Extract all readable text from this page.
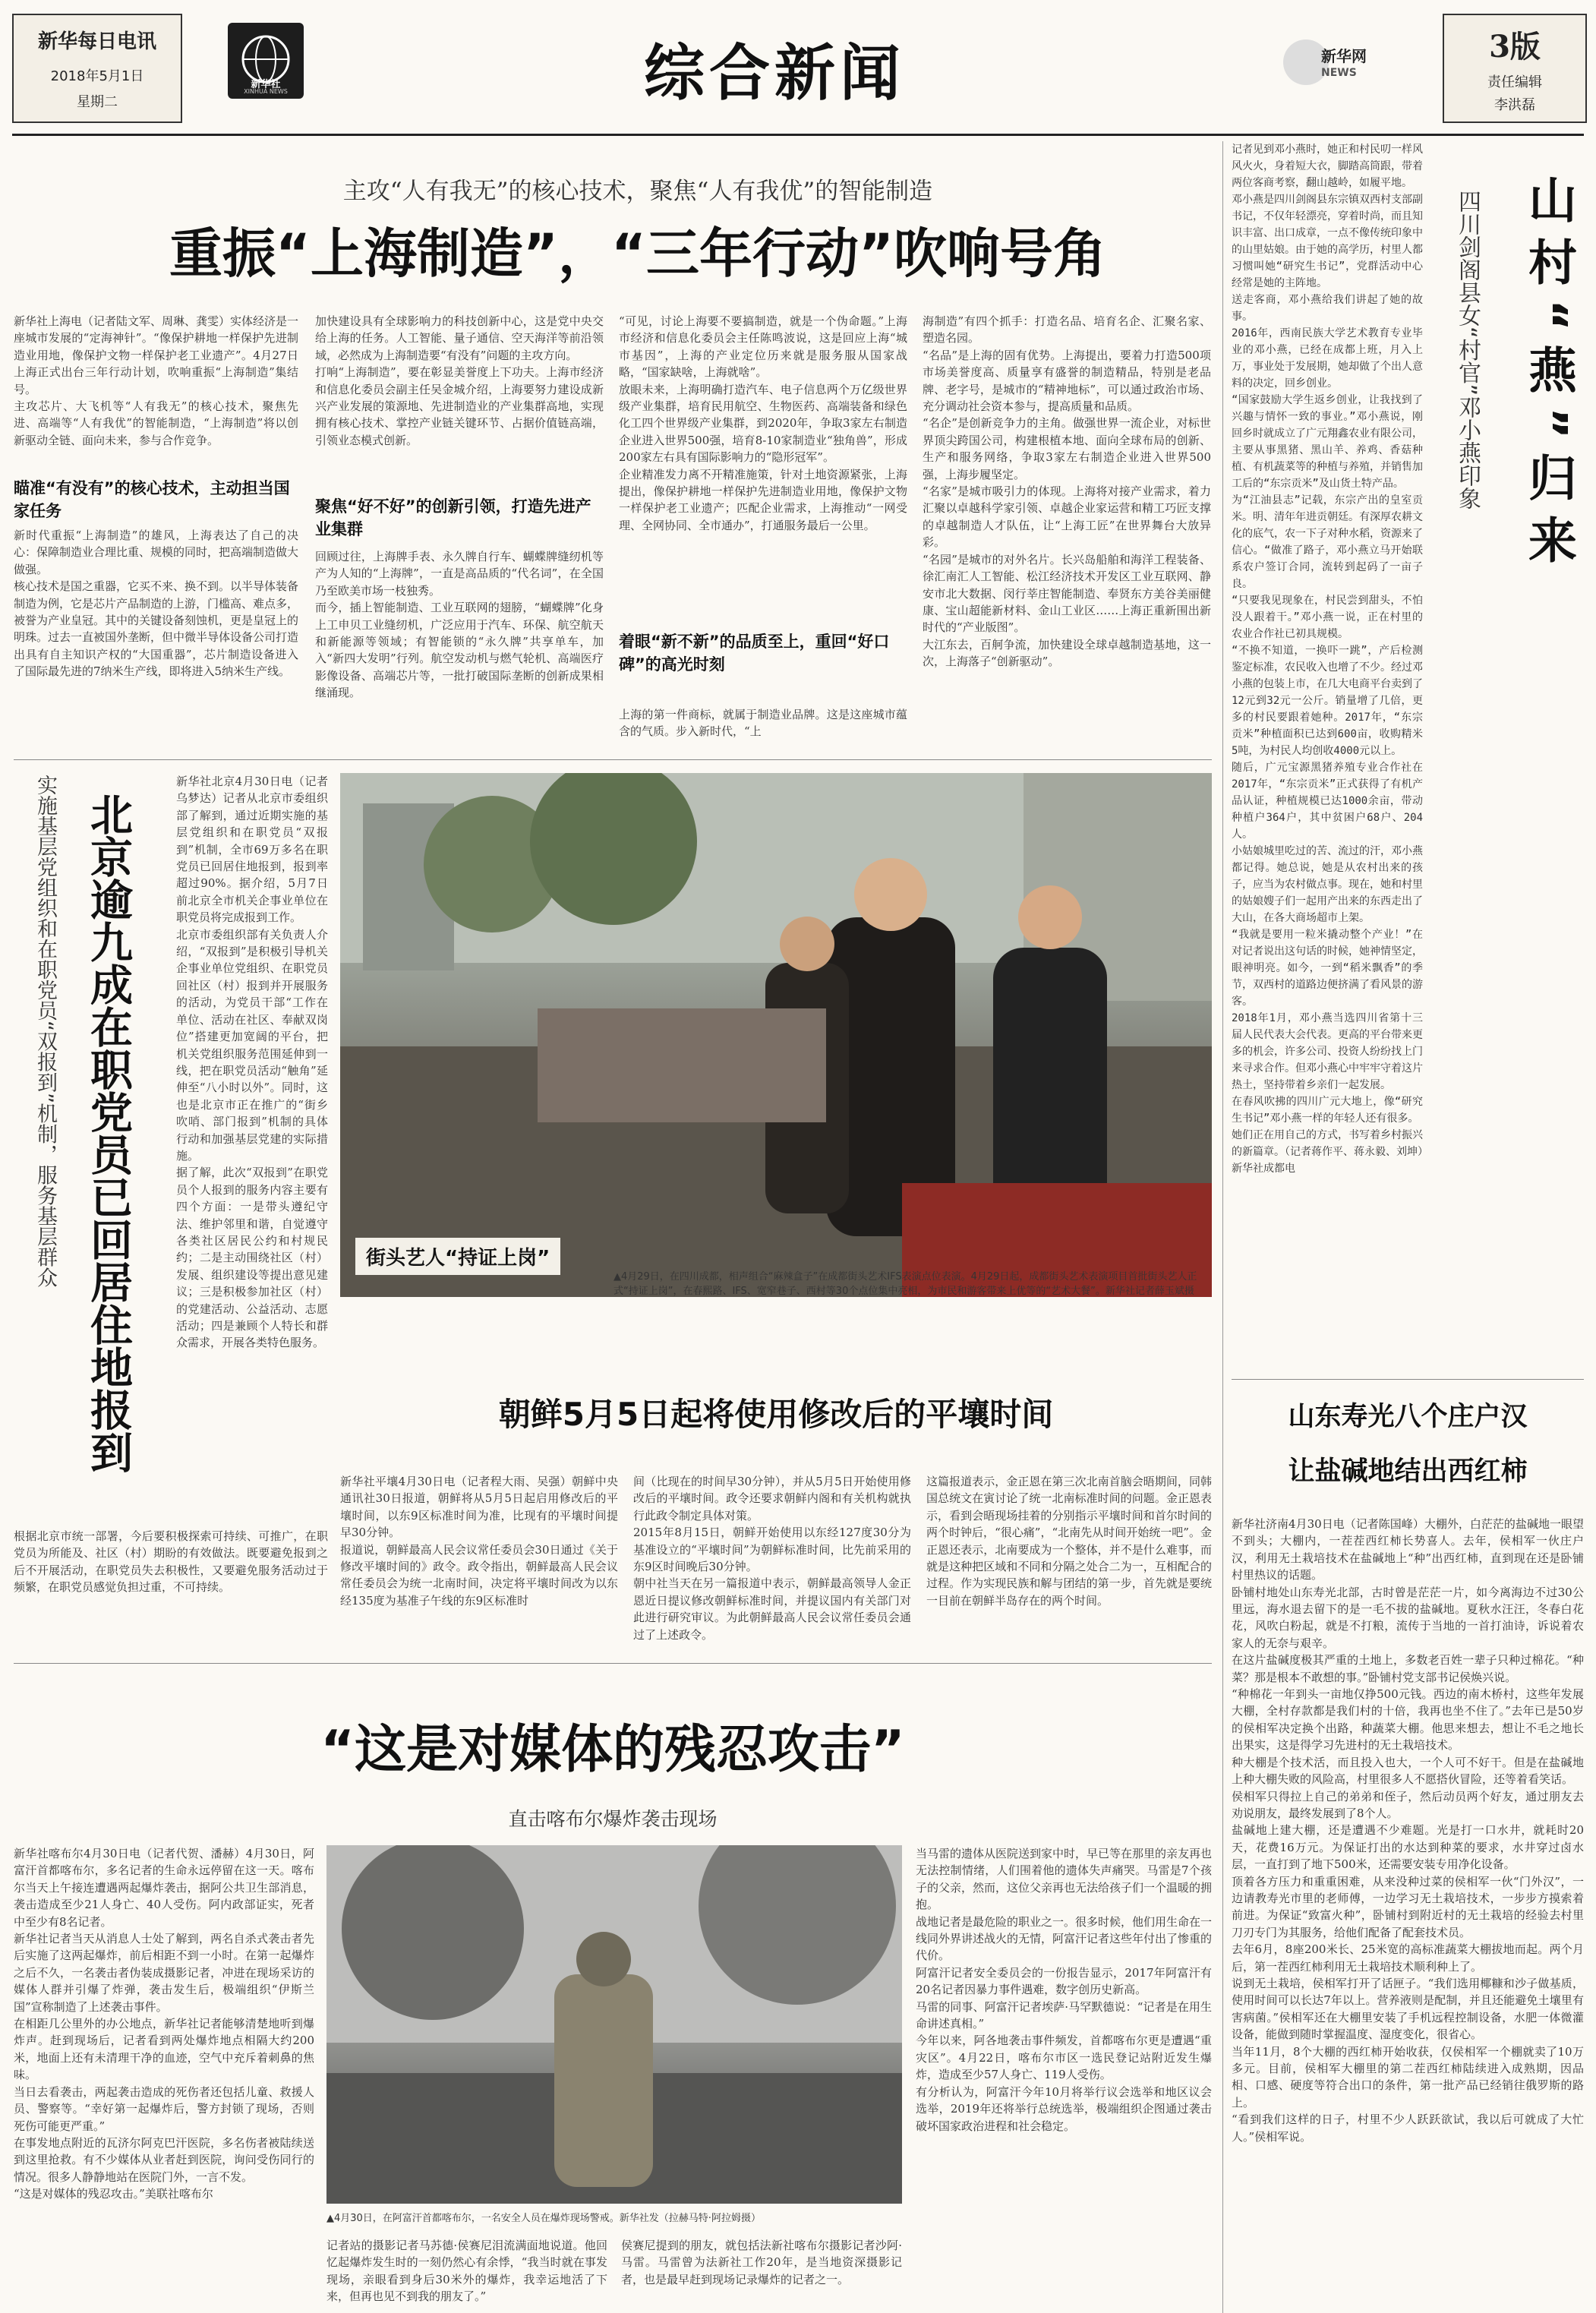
新华每日电讯
2018年5月1日
星期二
新华社
XINHUA NEWS	综合新闻	新华网
NEWS
3版
责任编辑
李洪磊
主攻“人有我无”的核心技术，聚焦“人有我优”的智能制造
重振“上海制造”，“三年行动”吹响号角
新华社上海电（记者陆文军、周琳、龚雯）实体经济是一座城市发展的“定海神针”。“像保护耕地一样保护先进制造业用地，像保护文物一样保护老工业遗产”。4月27日上海正式出台三年行动计划，吹响重振“上海制造”集结号。
主攻芯片、大飞机等“人有我无”的核心技术，聚焦先进、高端等“人有我优”的智能制造，“上海制造”将以创新驱动全链、面向未来，参与合作竞争。
瞄准“有没有”的核心技术，主动担当国家任务
新时代重振“上海制造”的雄风，上海表达了自己的决心：保障制造业合理比重、规模的同时，把高端制造做大做强。
核心技术是国之重器，它买不来、换不到。以半导体装备制造为例，它是芯片产品制造的上游，门槛高、难点多，被誉为产业皇冠。其中的关键设备刻蚀机，更是皇冠上的明珠。过去一直被国外垄断，但中微半导体设备公司打造出具有自主知识产权的“大国重器”，芯片制造设备进入了国际最先进的7纳米生产线，即将进入5纳米生产线。
加快建设具有全球影响力的科技创新中心，这是党中央交给上海的任务。人工智能、量子通信、空天海洋等前沿领域，必然成为上海制造要“有没有”问题的主攻方向。
打响“上海制造”，要在彰显美誉度上下功夫。上海市经济和信息化委员会副主任吴金城介绍，上海要努力建设成新兴产业发展的策源地、先进制造业的产业集群高地，实现拥有核心技术、掌控产业链关键环节、占据价值链高端，引领业态模式创新。
聚焦“好不好”的创新引领，打造先进产业集群
回顾过往，上海牌手表、永久牌自行车、蝴蝶牌缝纫机等产为人知的“上海牌”，一直是高品质的“代名词”，在全国乃至欧美市场一枝独秀。
而今，插上智能制造、工业互联网的翅膀，“蝴蝶牌”化身上工申贝工业缝纫机，广泛应用于汽车、环保、航空航天和新能源等领域；有智能锁的“永久牌”共享单车，加入“新四大发明”行列。航空发动机与燃气轮机、高端医疗影像设备、高端芯片等，一批打破国际垄断的创新成果相继涌现。
“可见，讨论上海要不要搞制造，就是一个伪命题。”上海市经济和信息化委员会主任陈鸣波说，这是回应上海“城市基因”，上海的产业定位历来就是服务服从国家战略，“国家缺啥，上海就啥”。
放眼未来，上海明确打造汽车、电子信息两个万亿级世界级产业集群，培育民用航空、生物医药、高端装备和绿色化工四个世界级产业集群，到2020年，争取3家左右制造企业进入世界500强，培育8-10家制造业“独角兽”，形成200家左右具有国际影响力的“隐形冠军”。
企业精准发力离不开精准施策，针对土地资源紧张，上海提出，像保护耕地一样保护先进制造业用地，像保护文物一样保护老工业遗产；匹配企业需求，上海推动“一网受理、全网协同、全市通办”，打通服务最后一公里。
着眼“新不新”的品质至上，重回“好口碑”的高光时刻
上海的第一件商标，就属于制造业品牌。这是这座城市蕴含的气质。步入新时代，“上
海制造”有四个抓手：打造名品、培育名企、汇聚名家、塑造名园。
“名品”是上海的固有优势。上海提出，要着力打造500项市场美誉度高、质量享有盛誉的制造精品，特别是老品牌、老字号，是城市的“精神地标”，可以通过政治市场、充分调动社会资本参与，提高质量和品质。
“名企”是创新竞争力的主角。做强世界一流企业，对标世界顶尖跨国公司，构建根植本地、面向全球布局的创新、生产和服务网络，争取3家左右制造企业进入世界500强，上海步履坚定。
“名家”是城市吸引力的体现。上海将对接产业需求，着力汇聚以卓越科学家引领、卓越企业家运营和精工巧匠支撑的卓越制造人才队伍，让“上海工匠”在世界舞台大放异彩。
“名园”是城市的对外名片。长兴岛船舶和海洋工程装备、徐汇南汇人工智能、松江经济技术开发区工业互联网、静安市北大数据、闵行莘庄智能制造、奉贤东方美谷美丽健康、宝山超能新材料、金山工业区……上海正重新围出新时代的“产业版图”。
大江东去，百舸争流，加快建设全球卓越制造基地，这一次，上海落子“创新驱动”。
北京逾九成在职党员已回居住地报到
实施基层党组织和在职党员“双报到”机制，服务基层群众	新华社北京4月30日电（记者乌梦达）记者从北京市委组织部了解到，通过近期实施的基层党组织和在职党员“双报到”机制，全市69万多名在职党员已回居住地报到，报到率超过90%。据介绍，5月7日前北京全市机关企事业单位在职党员将完成报到工作。
北京市委组织部有关负责人介绍，“双报到”是积极引导机关企事业单位党组织、在职党员回社区（村）报到并开展服务的活动，为党员干部“工作在单位、活动在社区、奉献双岗位”搭建更加宽阔的平台，把机关党组织服务范围延伸到一线，把在职党员活动“触角”延伸至“八小时以外”。同时，这也是北京市正在推广的“街乡吹哨、部门报到”机制的具体行动和加强基层党建的实际措施。
据了解，此次“双报到”在职党员个人报到的服务内容主要有四个方面：一是带头遵纪守法、维护邻里和谐，自觉遵守各类社区居民公约和村规民约；二是主动围绕社区（村）发展、组织建设等提出意见建议；三是积极参加社区（村）的党建活动、公益活动、志愿活动；四是兼顾个人特长和群众需求，开展各类特色服务。
根据北京市统一部署，今后要积极探索可持续、可推广，在职党员为所能及、社区（村）期盼的有效做法。既要避免报到之后不开展活动，在职党员失去积极性，又要避免服务活动过于频繁，在职党员感觉负担过重，不可持续。
街头艺人“持证上岗”
▲4月29日，在四川成都，相声组合“麻辣盒子”在成都街头艺术IFS表演点位表演。4月29日起，成都街头艺术表演项目首批街头艺人正式“持证上岗”，在春熙路、IFS、宽窄巷子、西村等30个点位集中亮相，为市民和游客带来上优等的“艺术大餐”。新华社记者薛玉斌摄
朝鲜5月5日起将使用修改后的平壤时间
新华社平壤4月30日电（记者程大雨、吴强）朝鲜中央通讯社30日报道，朝鲜将从5月5日起启用修改后的平壤时间，以东9区标准时间为准，比现有的平壤时间提早30分钟。
报道说，朝鲜最高人民会议常任委员会30日通过《关于修改平壤时间的》政令。政令指出，朝鲜最高人民会议常任委员会为统一北南时间，决定将平壤时间改为以东经135度为基准子午线的东9区标准时
间（比现在的时间早30分钟），并从5月5日开始使用修改后的平壤时间。政令还要求朝鲜内阁和有关机构就执行此政令制定具体对策。
2015年8月15日，朝鲜开始使用以东经127度30分为基准设立的“平壤时间”为朝鲜标准时间，比先前采用的东9区时间晚后30分钟。
朝中社当天在另一篇报道中表示，朝鲜最高领导人金正恩近日提议修改朝鲜标准时间，并提议国内有关部门对此进行研究审议。为此朝鲜最高人民会议常任委员会通过了上述政令。
这篇报道表示，金正恩在第三次北南首脑会晤期间，同韩国总统文在寅讨论了统一北南标准时间的问题。金正恩表示，看到会晤现场挂着的分别指示平壤时间和首尔时间的两个时钟后，“很心痛”，“北南先从时间开始统一吧”。金正恩还表示，北南要成为一个整体，并不是什么难事，而就是这种把区域和不同和分隔之处合二为一，互相配合的过程。作为实现民族和解与团结的第一步，首先就是要统一目前在朝鲜半岛存在的两个时间。
记者见到邓小燕时，她正和村民叨一样风风火火，身着短大衣，脚踏高筒跟，带着两位客商考察，翻山越岭，如履平地。
邓小燕是四川剑阁县东宗镇双西村支部副书记，不仅年轻漂亮，穿着时尚，而且知识丰富、出口成章，一点不像传统印象中的山里姑娘。由于她的高学历，村里人都习惯叫她“研究生书记”，党群活动中心经常是她的主阵地。
送走客商，邓小燕给我们讲起了她的故事。
2016年，西南民族大学艺术教育专业毕业的邓小燕，已经在成都上班，月入上万，事业处于发展期，她却做了个出人意料的决定，回乡创业。
“国家鼓励大学生返乡创业，让我找到了兴趣与情怀一致的事业。”邓小燕说，刚回乡时就成立了广元翔鑫农业有限公司，主要从事黑猪、黑山羊、养鸡、香菇种植、有机蔬菜等的种植与养殖，并销售加工后的“东宗贡米”及山货土特产品。
为“江油县志”记载，东宗产出的皇室贡米。明、清年年进贡朝廷。有深厚农耕文化的底气，农一下子对种水稻，资源来了信心。“做准了路子，邓小燕立马开始联系农户签订合同，流转到起码了一亩子良。
“只要我见现象在，村民尝到甜头，不怕没人跟着干。”邓小燕一说，正在村里的农业合作社已初具规模。
“不换不知道，一换吓一跳”，产后检测鉴定标准，农民收入也增了不少。经过邓小燕的包装上市，在几大电商平台卖到了12元到32元一公斤。销量增了几倍，更多的村民要跟着她种。2017年，“东宗贡米”种植面积已达到600亩，收购精米5吨，为村民人均创收4000元以上。
随后，广元宝源黑猪养殖专业合作社在2017年，“东宗贡米”正式获得了有机产品认证，种植规模已达1000余亩，带动种植户364户，其中贫困户68户、204人。
小姑娘城里吃过的苦、流过的汗，邓小燕都记得。她总说，她是从农村出来的孩子，应当为农村做点事。现在，她和村里的姑娘嫂子们一起用产出来的东西走出了大山，在各大商场超市上架。
“我就是要用一粒米撬动整个产业！”在对记者说出这句话的时候，她神情坚定，眼神明亮。如今，一到“稻米飘香”的季节，双西村的道路边便挤满了看风景的游客。
2018年1月，邓小燕当选四川省第十三届人民代表大会代表。更高的平台带来更多的机会，许多公司、投资人纷纷找上门来寻求合作。但邓小燕心中牢牢守着这片热土，坚持带着乡亲们一起发展。
在春风吹拂的四川广元大地上，像“研究生书记”邓小燕一样的年轻人还有很多。
她们正在用自己的方式，书写着乡村振兴的新篇章。（记者蒋作平、蒋永毅、刘坤）新华社成都电
山村“燕”归来
四川剑阁县女“村官”邓小燕印象
山东寿光八个庄户汉
让盐碱地结出西红柿
新华社济南4月30日电（记者陈国峰）大棚外，白茫茫的盐碱地一眼望不到头；大棚内，一茬茬西红柿长势喜人。去年，侯相军一伙庄户汉，利用无土栽培技术在盐碱地上“种”出西红柿，直到现在还是卧铺村里热议的话题。
卧铺村地处山东寿光北部，古时曾是茫茫一片，如今离海边不过30公里远，海水退去留下的是一毛不拔的盐碱地。夏秋水汪汪，冬春白花花，风吹白粉起，就是不打粮，流传于当地的一首打油诗，诉说着农家人的无奈与艰辛。
在这片盐碱度极其严重的土地上，多数老百姓一辈子只种过棉花。“种菜？那是根本不敢想的事。”卧铺村党支部书记侯焕兴说。
“种棉花一年到头一亩地仅挣500元钱。西边的南木桥村，这些年发展大棚，全村存款都是我们村的十倍，我再也坐不住了。”去年已是50岁的侯相军决定换个出路，种蔬菜大棚。他思来想去，想让不毛之地长出果实，这是得学习先进村的无土栽培技术。
种大棚是个技术活，而且投入也大，一个人可不好干。但是在盐碱地上种大棚失败的风险高，村里很多人不愿搭伙冒险，还等着看笑话。
侯相军只得拉上自己的弟弟和侄子，然后动员两个好友，通过朋友去劝说朋友，最终发展到了8个人。
盐碱地上建大棚，还是遭遇不少难题。光是打一口水井，就耗时20天，花费16万元。为保证打出的水达到种菜的要求，水井穿过卤水层，一直打到了地下500米，还需要安装专用净化设备。
顶着各方压力和重重困难，从来没种过菜的侯相军一伙“门外汉”，一边请教寿光市里的老师傅，一边学习无土栽培技术，一步步方摸索着前进。为保证“致富火种”，卧铺村到附近村的无土栽培的经验去村里刀刃专门为其服务，给他们配备了配套技术员。
去年6月，8座200米长、25米宽的高标准蔬菜大棚拔地而起。两个月后，第一茬西红柿利用无土栽培技术顺利种上了。
说到无土栽培，侯相军打开了话匣子。“我们选用椰糠和沙子做基质，使用时间可以长达7年以上。营养液则是配制，并且还能避免土壤里有害病菌。”侯相军还在大棚里安装了手机远程控制设备，水肥一体微灌设备，能做到随时掌握温度、湿度变化，很省心。
当年11月，8个大棚的西红柿开始收获，仅侯相军一个棚就卖了10万多元。目前，侯相军大棚里的第二茬西红柿陆续进入成熟期，因品相、口感、硬度等符合出口的条件，第一批产品已经销往俄罗斯的路上。
“看到我们这样的日子，村里不少人跃跃欲试，我以后可就成了大忙人。”侯相军说。
“这是对媒体的残忍攻击”
直击喀布尔爆炸袭击现场
新华社喀布尔4月30日电（记者代贺、潘赫）4月30日，阿富汗首都喀布尔，多名记者的生命永远停留在这一天。喀布尔当天上午接连遭遇两起爆炸袭击，据阿公共卫生部消息，袭击造成至少21人身亡、40人受伤。阿内政部证实，死者中至少有8名记者。
新华社记者当天从消息人士处了解到，两名自杀式袭击者先后实施了这两起爆炸，前后相距不到一小时。在第一起爆炸之后不久，一名袭击者伪装成摄影记者，冲进在现场采访的媒体人群并引爆了炸弹，袭击发生后，极端组织“伊斯兰国”宣称制造了上述袭击事件。
在相距几公里外的办公地点，新华社记者能够清楚地听到爆炸声。赶到现场后，记者看到两处爆炸地点相隔大约200米，地面上还有未清理干净的血迹，空气中充斥着刺鼻的焦味。
当日去看袭击，两起袭击造成的死伤者还包括儿童、救援人员、警察等。“幸好第一起爆炸后，警方封锁了现场，否则死伤可能更严重。”
在事发地点附近的瓦济尔阿克巴汗医院，多名伤者被陆续送到这里抢救。有不少媒体从业者赶到医院，询问受伤同行的情况。很多人静静地站在医院门外，一言不发。
“这是对媒体的残忍攻击。”美联社喀布尔
▲4月30日，在阿富汗首都喀布尔，一名安全人员在爆炸现场警戒。新华社发（拉赫马特·阿拉姆摄）
当马雷的遗体从医院送到家中时，早已等在那里的亲友再也无法控制情绪，人们围着他的遗体失声痛哭。马雷是7个孩子的父亲，然而，这位父亲再也无法给孩子们一个温暖的拥抱。
战地记者是最危险的职业之一。很多时候，他们用生命在一线同外界讲述战火的无情，阿富汗记者这些年付出了惨重的代价。
阿富汗记者安全委员会的一份报告显示，2017年阿富汗有20名记者因暴力事件遇难，数字创历史新高。
马雷的同事、阿富汗记者埃萨·马罕默德说：“记者是在用生命讲述真相。”
今年以来，阿各地袭击事件频发，首都喀布尔更是遭遇“重灾区”。4月22日，喀布尔市区一选民登记站附近发生爆炸，造成至少57人身亡、119人受伤。
有分析认为，阿富汗今年10月将举行议会选举和地区议会选举，2019年还将举行总统选举，极端组织企图通过袭击破坏国家政治进程和社会稳定。
记者站的摄影记者马苏德·侯赛尼泪流满面地说道。他回忆起爆炸发生时的一刻仍然心有余悸，“我当时就在事发现场，亲眼看到身后30米外的爆炸，我幸运地活了下来，但再也见不到我的朋友了。”
侯赛尼提到的朋友，就包括法新社喀布尔摄影记者沙阿·马雷。马雷曾为法新社工作20年，是当地资深摄影记者，也是最早赶到现场记录爆炸的记者之一。
